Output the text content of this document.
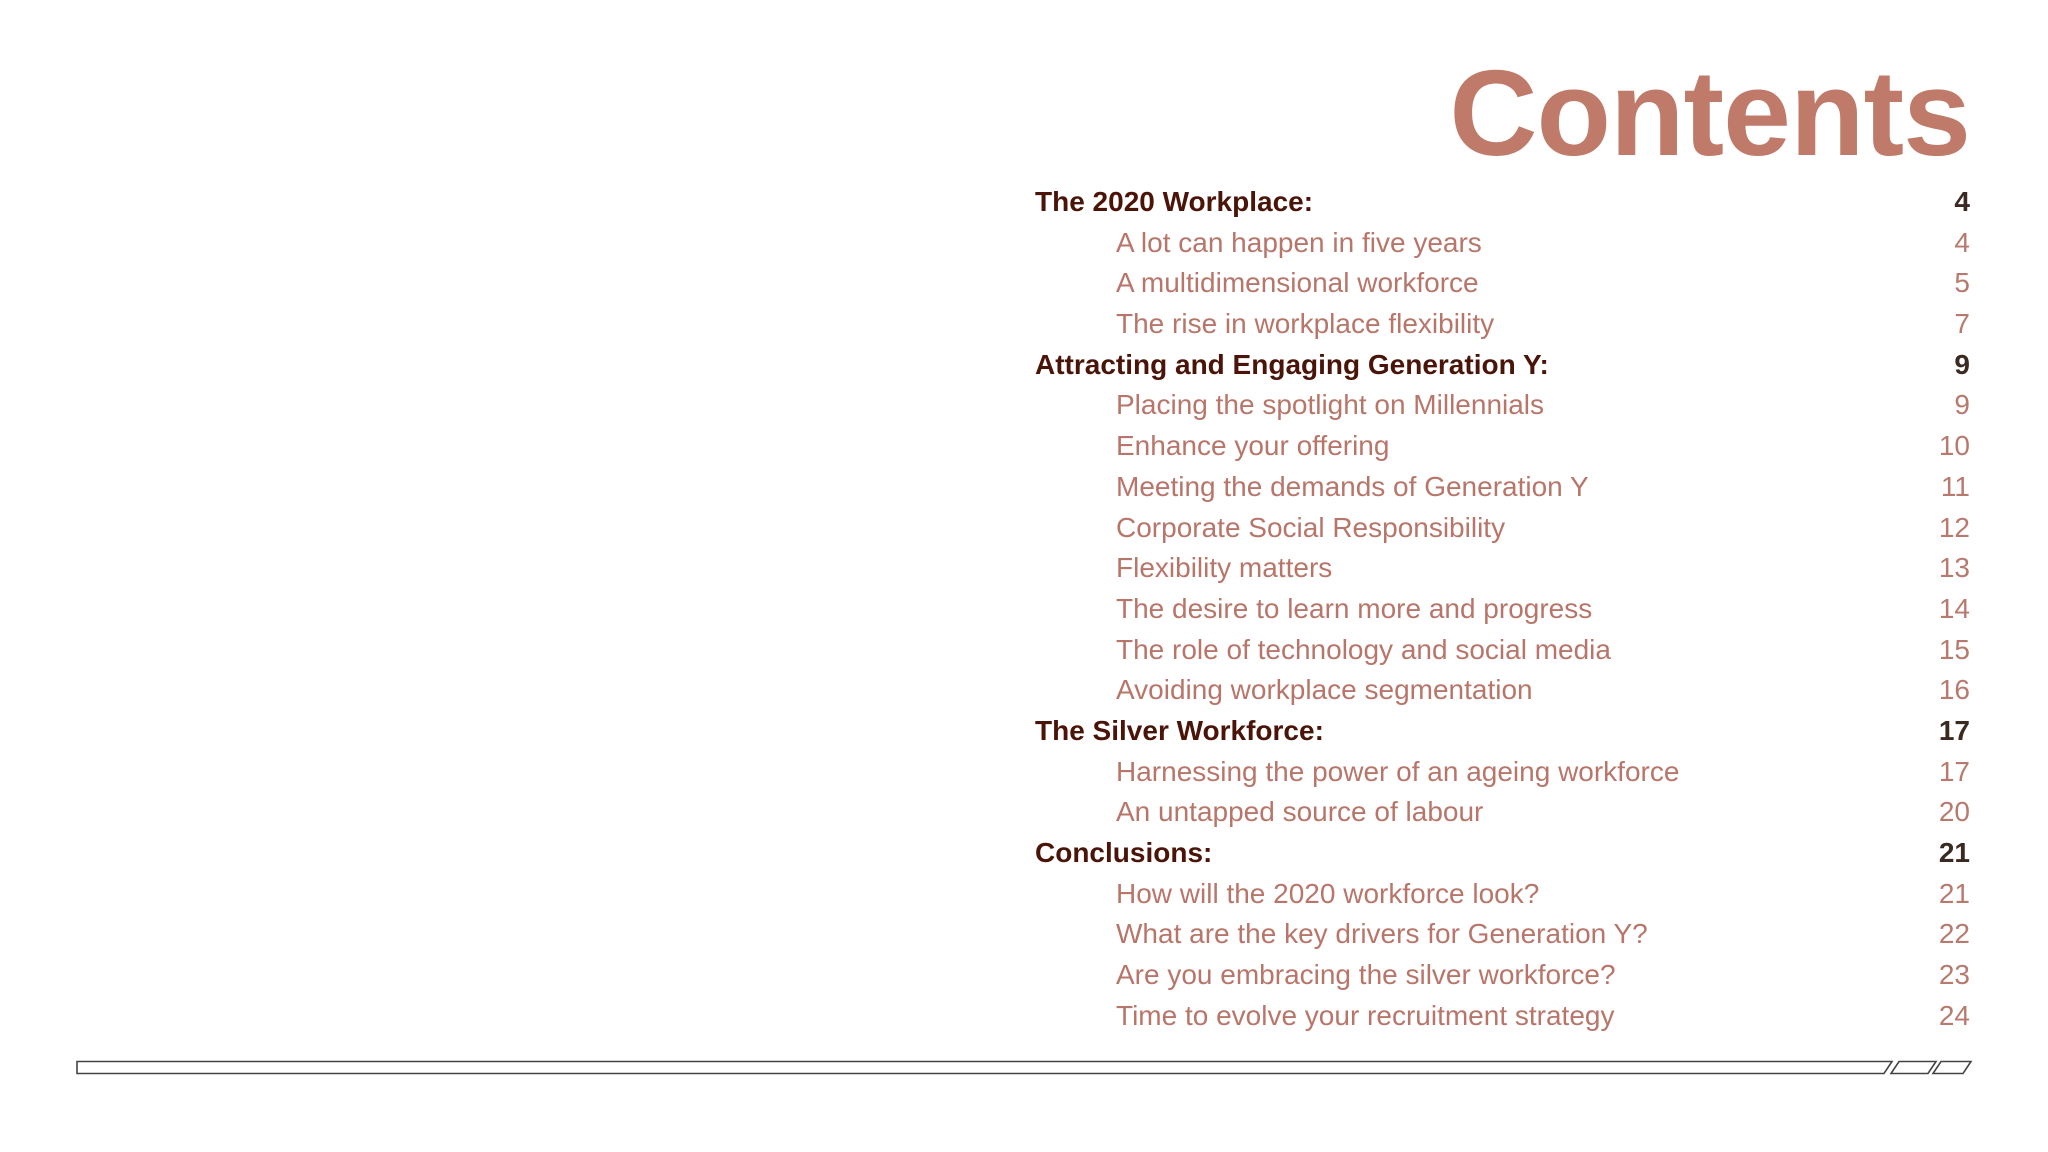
Contents
The 2020 Workplace:	4
A lot can happen in five years	4
A multidimensional workforce	5
The rise in workplace flexibility	7
Attracting and Engaging Generation Y:	9
Placing the spotlight on Millennials	9
Enhance your offering	10
Meeting the demands of Generation Y	11
Corporate Social Responsibility	12
Flexibility matters	13
The desire to learn more and progress	14
The role of technology and social media	15
Avoiding workplace segmentation	16
The Silver Workforce:	17
Harnessing the power of an ageing workforce	17
An untapped source of labour	20
Conclusions:	21
How will the 2020 workforce look?	21
What are the key drivers for Generation Y?	22
Are you embracing the silver workforce?	23
Time to evolve your recruitment strategy	24
